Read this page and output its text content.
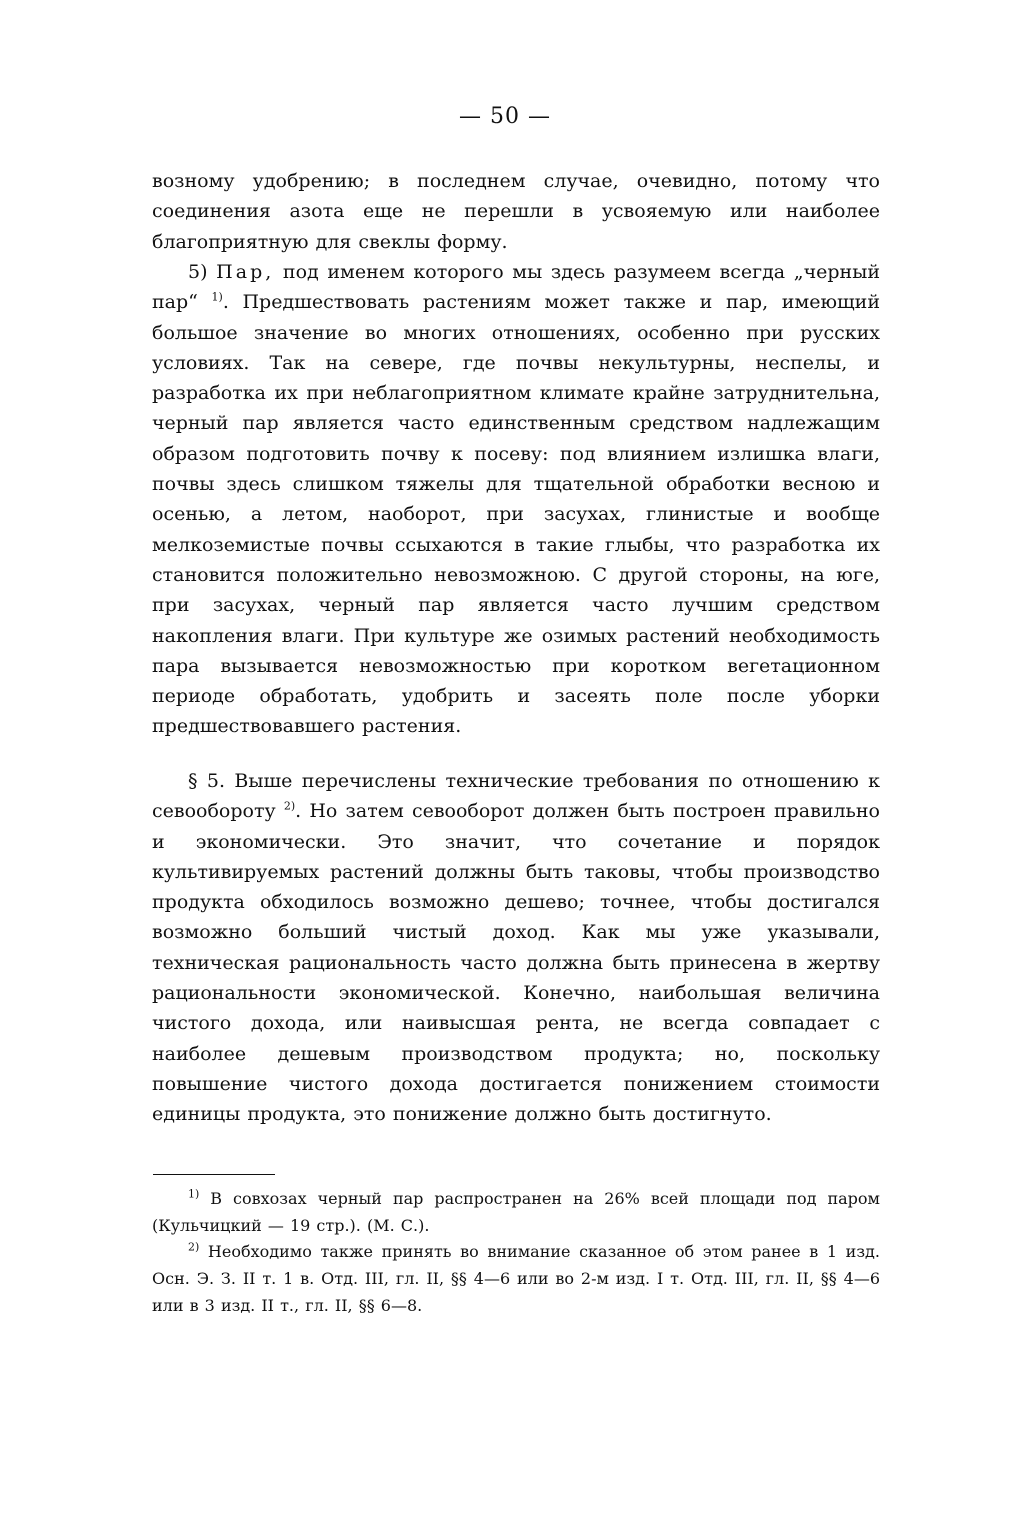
— 50 —

возному удобрению; в последнем случае, очевидно, потому что соединения азота еще не перешли в усвояемую или наиболее благоприятную для свеклы форму.

5) Пар, под именем которого мы здесь разумеем всегда „черный пар“ $^{1)}$. Предшествовать растениям может также и пар, имеющий большое значение во многих отношениях, особенно при русских условиях. Так на севере, где почвы некультурны, неспелы, и разработка их при неблагоприятном климате крайне затруднительна, черный пар является часто единственным средством надлежащим образом подготовить почву к посеву: под влиянием излишка влаги, почвы здесь слишком тяжелы для тщательной обработки весною и осенью, а летом, наоборот, при засухах, глинистые и вообще мелкоземистые почвы ссыхаются в такие глыбы, что разработка их становится положительно невозможною. С другой стороны, на юге, при засухах, черный пар является часто лучшим средством накопления влаги. При культуре же озимых растений необходимость пара вызывается невозможностью при коротком вегетационном периоде обработать, удобрить и засеять поле после уборки предшествовавшего растения.

§ 5. Выше перечислены технические требования по отношению к севообороту $^{2)}$. Но затем севооборот должен быть построен правильно и экономически. Это значит, что сочетание и порядок культивируемых растений должны быть таковы, чтобы производство продукта обходилось возможно дешево; точнее, чтобы достигался возможно больший чистый доход. Как мы уже указывали, техническая рациональность часто должна быть принесена в жертву рациональности экономической. Конечно, наибольшая величина чистого дохода, или наивысшая рента, не всегда совпадает с наиболее дешевым производством продукта; но, поскольку повышение чистого дохода достигается понижением стоимости единицы продукта, это понижение должно быть достигнуто.

$^{1)}$ В совхозах черный пар распространен на 26% всей площади под паром (Кульчицкий — 19 стр.). (М. С.).

$^{2)}$ Необходимо также принять во внимание сказанное об этом ранее в 1 изд. Осн. Э. З. II т. 1 в. Отд. III, гл. II, §§ 4—6 или во 2-м изд. I т. Отд. III, гл. II, §§ 4—6 или в 3 изд. II т., гл. II, §§ 6—8.
